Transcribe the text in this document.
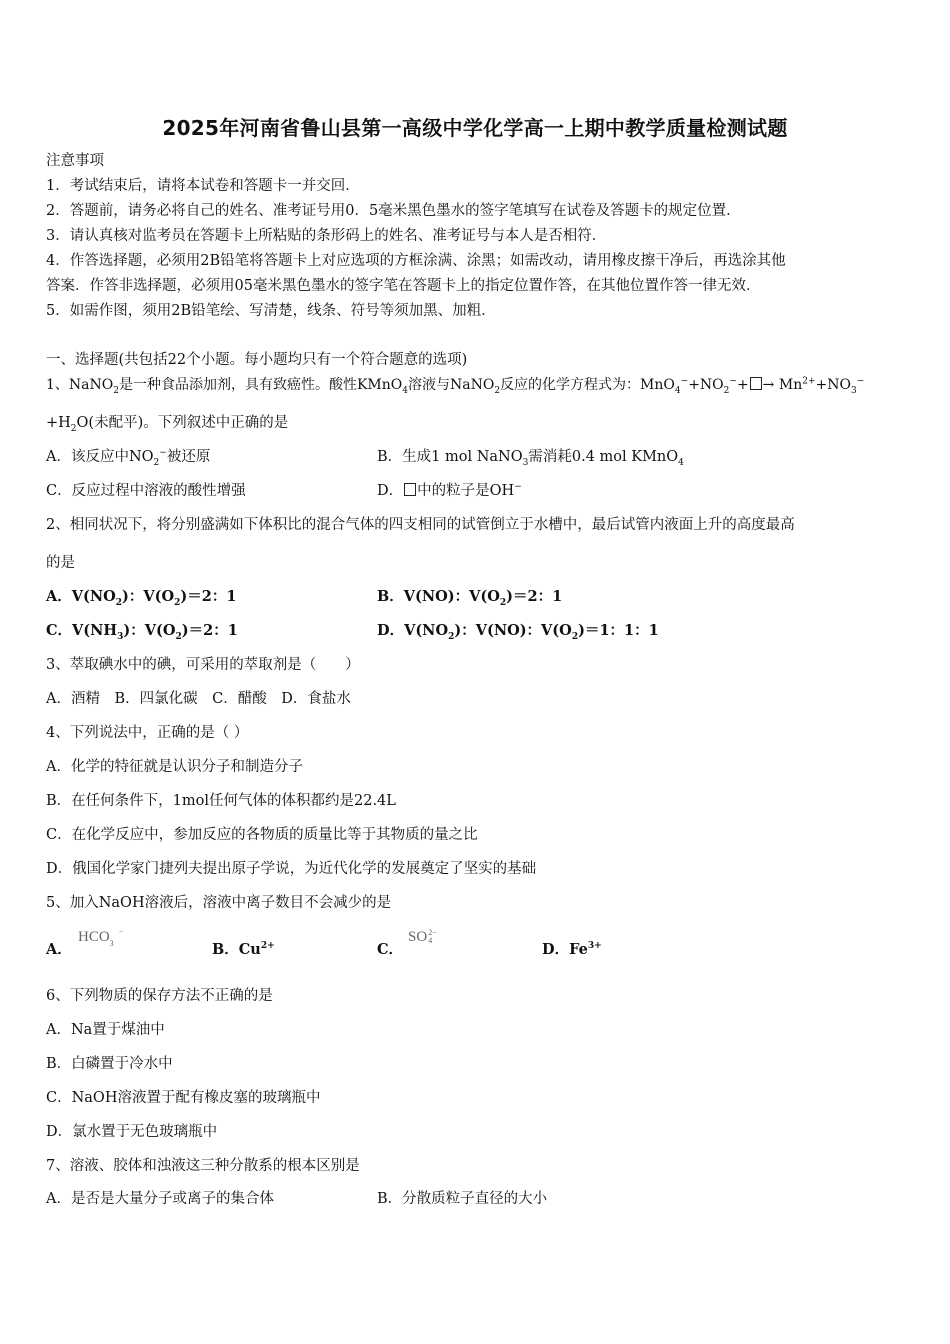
2025年河南省鲁山县第一高级中学化学高一上期中教学质量检测试题
注意事项
1．考试结束后，请将本试卷和答题卡一并交回．
2．答题前，请务必将自己的姓名、准考证号用0．5毫米黑色墨水的签字笔填写在试卷及答题卡的规定位置．
3．请认真核对监考员在答题卡上所粘贴的条形码上的姓名、准考证号与本人是否相符．
4．作答选择题，必须用2B铅笔将答题卡上对应选项的方框涂满、涂黑；如需改动，请用橡皮擦干净后，再选涂其他
答案．作答非选择题，必须用05毫米黑色墨水的签字笔在答题卡上的指定位置作答，在其他位置作答一律无效．
5．如需作图，须用2B铅笔绘、写清楚，线条、符号等须加黑、加粗．
一、选择题(共包括22个小题。每小题均只有一个符合题意的选项)
1、NaNO$_2$是一种食品添加剂，具有致癌性。酸性KMnO$_4$溶液与NaNO$_2$反应的化学方程式为：$MnO_4^-+NO_2^-+ \to Mn^{2+}+NO_3^-$
$+H_2O$(未配平)。下列叙述中正确的是
A．该反应中$NO_2^-$被还原	B．生成1 mol NaNO$_3$需消耗0.4 mol KMnO$_4$
C．反应过程中溶液的酸性增强	D． 中的粒子是OH−
2、相同状况下，将分别盛满如下体积比的混合气体的四支相同的试管倒立于水槽中，最后试管内液面上升的高度最高
的是
A．$V(NO_2)$：$V(O_2)=2$：1	B．V(NO)：$V(O_2)=2$：1
C．$V(NH_3)$：$V(O_2)=2$：1	D．$V(NO_2)$：V(NO)：$V(O_2)=1$：1：1
3、萃取碘水中的碘，可采用的萃取剂是（　　）
A．酒精　B．四氯化碳　C．醋酸　D．食盐水
4、下列说法中，正确的是（ ）
A．化学的特征就是认识分子和制造分子
B．在任何条件下，1mol任何气体的体积都约是22.4L
C．在化学反应中，参加反应的各物质的质量比等于其物质的量之比
D．俄国化学家门捷列夫提出原子学说，为近代化学的发展奠定了坚实的基础
5、加入NaOH溶液后，溶液中离子数目不会减少的是
A．
$HCO_3$
−
B．$Cu^{2+}$	C．
SO 2−
4
D．$Fe^{3+}$
6、下列物质的保存方法不正确的是
A．Na置于煤油中
B．白磷置于冷水中
C．NaOH溶液置于配有橡皮塞的玻璃瓶中
D．氯水置于无色玻璃瓶中
7、溶液、胶体和浊液这三种分散系的根本区别是
A．是否是大量分子或离子的集合体	B．分散质粒子直径的大小
